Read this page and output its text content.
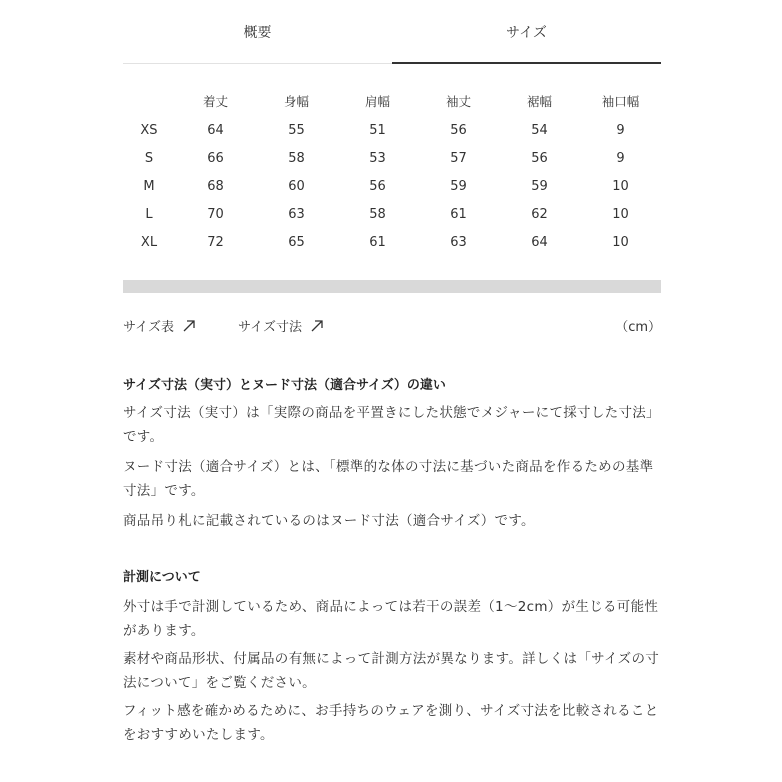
概要	サイズ
	着丈	身幅	肩幅	袖丈	裾幅	袖口幅
XS	64	55	51	56	54	9
S	66	58	53	57	56	9
M	68	60	56	59	59	10
L	70	63	58	61	62	10
XL	72	65	61	63	64	10
サイズ表	サイズ寸法	（cm）
サイズ寸法（実寸）とヌード寸法（適合サイズ）の違い

サイズ寸法（実寸）は「実際の商品を平置きにした状態でメジャーにて採寸した寸法」です。

ヌード寸法（適合サイズ）とは、「標準的な体の寸法に基づいた商品を作るための基準寸法」です。

商品吊り札に記載されているのはヌード寸法（適合サイズ）です。

計測について

外寸は手で計測しているため、商品によっては若干の誤差（1〜2cm）が生じる可能性があります。

素材や商品形状、付属品の有無によって計測方法が異なります。詳しくは「サイズの寸法について」をご覧ください。

フィット感を確かめるために、お手持ちのウェアを測り、サイズ寸法を比較されることをおすすめいたします。
